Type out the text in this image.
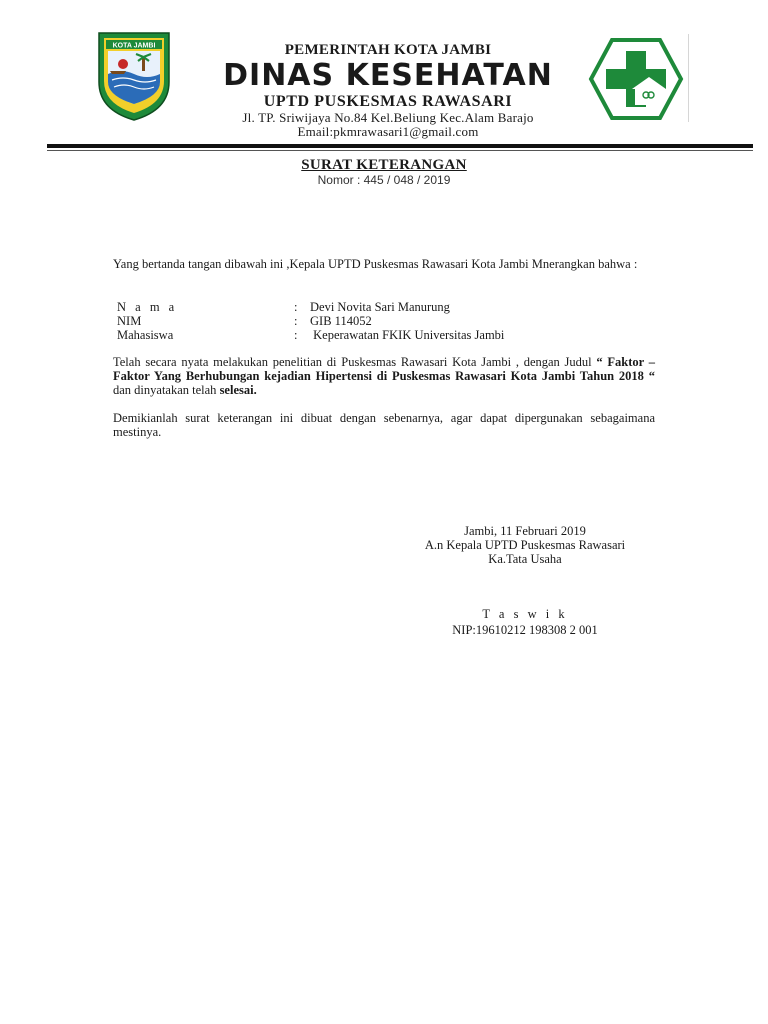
KOTA JAMBI	PEMERINTAH KOTA JAMBI
DINAS KESEHATAN
UPTD PUSKESMAS RAWASARI
Jl. TP. Sriwijaya No.84 Kel.Beliung Kec.Alam Barajo
Email:pkmrawasari1@gmail.com
SURAT KETERANGAN
Nomor : 445 / 048 / 2019
Yang bertanda tangan dibawah ini ,Kepala UPTD Puskesmas Rawasari Kota Jambi Mnerangkan bahwa :
N a m a	: Devi Novita Sari Manurung
NIM	: GIB 114052
Mahasiswa	: Keperawatan FKIK Universitas Jambi
Telah secara nyata melakukan penelitian di Puskesmas Rawasari Kota Jambi , dengan Judul “ Faktor – Faktor Yang Berhubungan kejadian Hipertensi di Puskesmas Rawasari Kota Jambi Tahun 2018 “ dan dinyatakan telah selesai.
Demikianlah surat keterangan ini dibuat dengan sebenarnya, agar dapat dipergunakan sebagaimana mestinya.
Jambi, 11 Februari 2019
A.n Kepala UPTD Puskesmas Rawasari
Ka.Tata Usaha
T a s w i k
NIP:19610212 198308 2 001
